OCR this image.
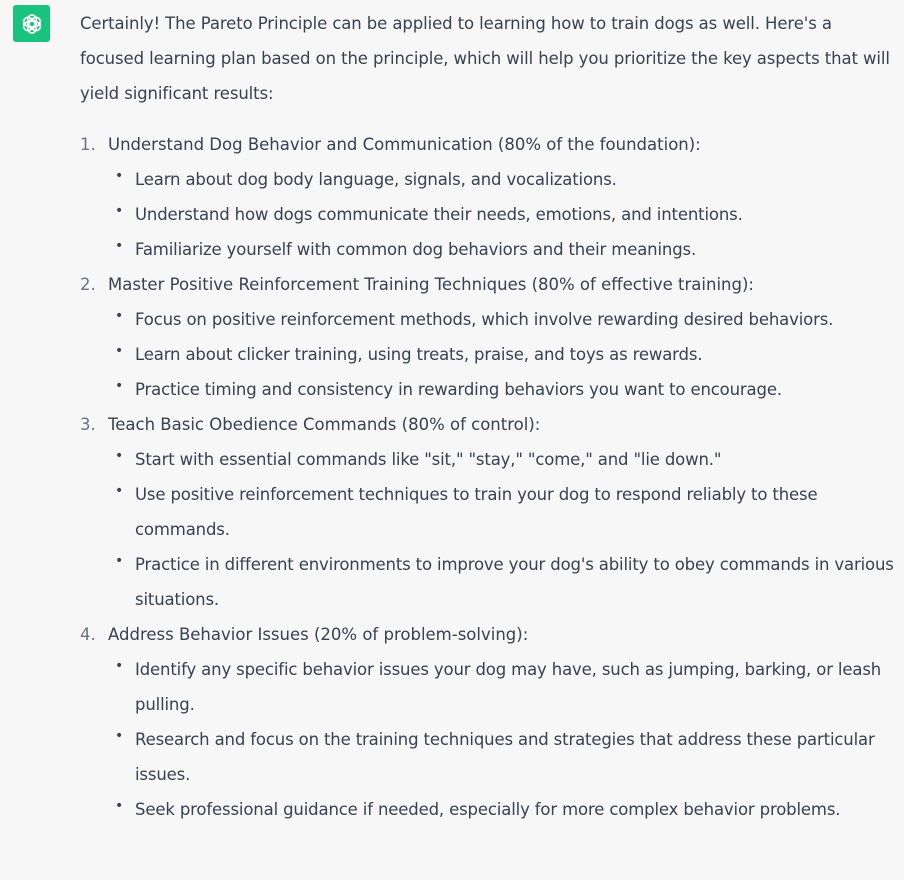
Certainly! The Pareto Principle can be applied to learning how to train dogs as well. Here's a focused learning plan based on the principle, which will help you prioritize the key aspects that will yield significant results:

1. Understand Dog Behavior and Communication (80% of the foundation):
• Learn about dog body language, signals, and vocalizations.
• Understand how dogs communicate their needs, emotions, and intentions.
• Familiarize yourself with common dog behaviors and their meanings.
2. Master Positive Reinforcement Training Techniques (80% of effective training):
• Focus on positive reinforcement methods, which involve rewarding desired behaviors.
• Learn about clicker training, using treats, praise, and toys as rewards.
• Practice timing and consistency in rewarding behaviors you want to encourage.
3. Teach Basic Obedience Commands (80% of control):
• Start with essential commands like "sit," "stay," "come," and "lie down."
• Use positive reinforcement techniques to train your dog to respond reliably to these commands.
• Practice in different environments to improve your dog's ability to obey commands in various situations.
4. Address Behavior Issues (20% of problem-solving):
• Identify any specific behavior issues your dog may have, such as jumping, barking, or leash pulling.
• Research and focus on the training techniques and strategies that address these particular issues.
• Seek professional guidance if needed, especially for more complex behavior problems.
